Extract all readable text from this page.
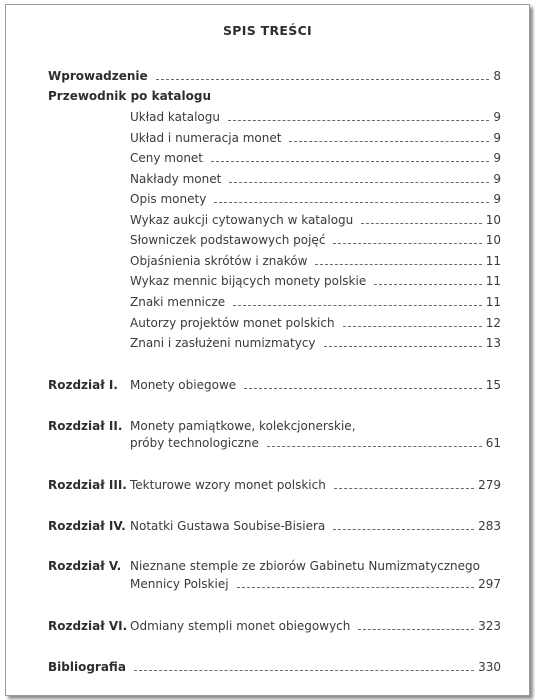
SPIS TREŚCI
Wprowadzenie	8
Przewodnik po katalogu
Układ katalogu	9
Układ i numeracja monet	9
Ceny monet	9
Nakłady monet	9
Opis monety	9
Wykaz aukcji cytowanych w katalogu	10
Słowniczek podstawowych pojęć	10
Objaśnienia skrótów i znaków	11
Wykaz mennic bijących monety polskie	11
Znaki mennicze	11
Autorzy projektów monet polskich	12
Znani i zasłużeni numizmatycy	13
Rozdział I.	Monety obiegowe	15
Rozdział II. Monety pamiątkowe, kolekcjonerskie,
próby technologiczne	61
Rozdział III. Tekturowe wzory monet polskich	279
Rozdział IV. Notatki Gustawa Soubise-Bisiera	283
Rozdział V. Nieznane stemple ze zbiorów Gabinetu Numizmatycznego
Mennicy Polskiej	297
Rozdział VI. Odmiany stempli monet obiegowych	323
Bibliografia	330
